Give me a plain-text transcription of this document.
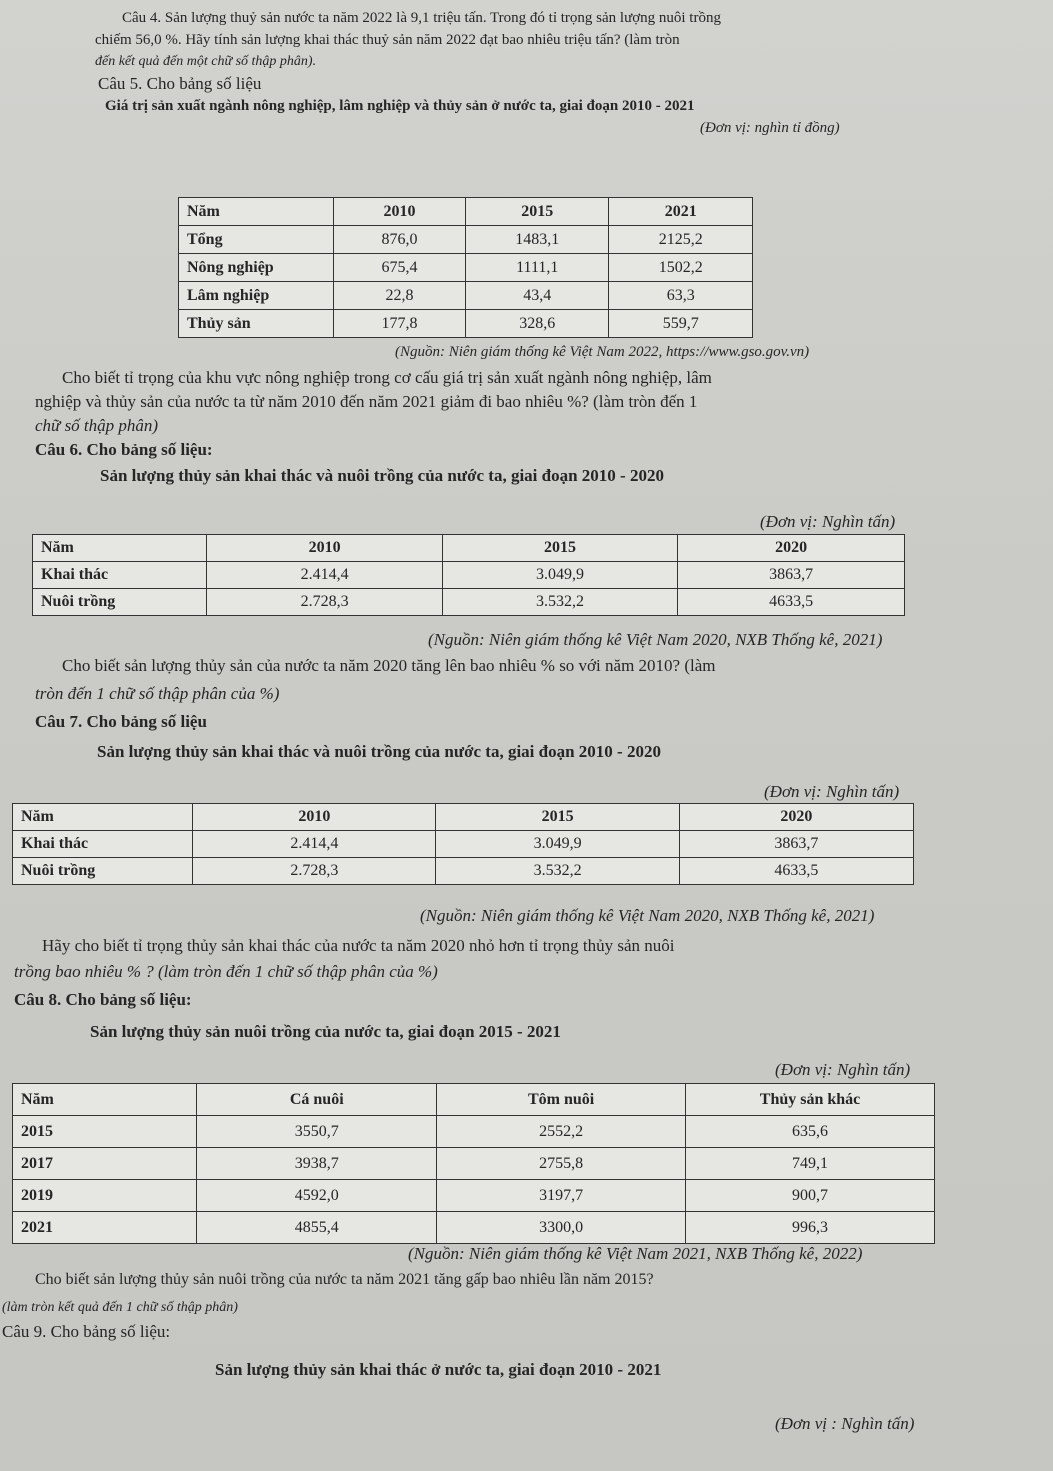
Câu 4. Sản lượng thuỷ sản nước ta năm 2022 là 9,1 triệu tấn. Trong đó tỉ trọng sản lượng nuôi trồng
chiếm 56,0 %. Hãy tính sản lượng khai thác thuỷ sản năm 2022 đạt bao nhiêu triệu tấn? (làm tròn
đến kết quả đến một chữ số thập phân).
Câu 5. Cho bảng số liệu
Giá trị sản xuất ngành nông nghiệp, lâm nghiệp và thủy sản ở nước ta, giai đoạn 2010 - 2021
(Đơn vị: nghìn tỉ đồng)
Năm	2010	2015	2021
Tổng	876,0	1483,1	2125,2
Nông nghiệp	675,4	1111,1	1502,2
Lâm nghiệp	22,8	43,4	63,3
Thủy sản	177,8	328,6	559,7
(Nguồn: Niên giám thống kê Việt Nam 2022, https://www.gso.gov.vn)
Cho biết tỉ trọng của khu vực nông nghiệp trong cơ cấu giá trị sản xuất ngành nông nghiệp, lâm
nghiệp và thủy sản của nước ta từ năm 2010 đến năm 2021 giảm đi bao nhiêu %? (làm tròn đến 1
chữ số thập phân)
Câu 6. Cho bảng số liệu:
Sản lượng thủy sản khai thác và nuôi trồng của nước ta, giai đoạn 2010 - 2020
(Đơn vị: Nghìn tấn)
Năm	2010	2015	2020
Khai thác	2.414,4	3.049,9	3863,7
Nuôi trồng	2.728,3	3.532,2	4633,5
(Nguồn: Niên giám thống kê Việt Nam 2020, NXB Thống kê, 2021)
Cho biết sản lượng thủy sản của nước ta năm 2020 tăng lên bao nhiêu % so với năm 2010? (làm
tròn đến 1 chữ số thập phân của %)
Câu 7. Cho bảng số liệu
Sản lượng thủy sản khai thác và nuôi trồng của nước ta, giai đoạn 2010 - 2020
(Đơn vị: Nghìn tấn)
Năm	2010	2015	2020
Khai thác	2.414,4	3.049,9	3863,7
Nuôi trồng	2.728,3	3.532,2	4633,5
(Nguồn: Niên giám thống kê Việt Nam 2020, NXB Thống kê, 2021)
Hãy cho biết tỉ trọng thủy sản khai thác của nước ta năm 2020 nhỏ hơn tỉ trọng thủy sản nuôi
trồng bao nhiêu % ? (làm tròn đến 1 chữ số thập phân của %)
Câu 8. Cho bảng số liệu:
Sản lượng thủy sản nuôi trồng của nước ta, giai đoạn 2015 - 2021
(Đơn vị: Nghìn tấn)
Năm	Cá nuôi	Tôm nuôi	Thủy sản khác
2015	3550,7	2552,2	635,6
2017	3938,7	2755,8	749,1
2019	4592,0	3197,7	900,7
2021	4855,4	3300,0	996,3
(Nguồn: Niên giám thống kê Việt Nam 2021, NXB Thống kê, 2022)
Cho biết sản lượng thủy sản nuôi trồng của nước ta năm 2021 tăng gấp bao nhiêu lần năm 2015?
(làm tròn kết quả đến 1 chữ số thập phân)
Câu 9. Cho bảng số liệu:
Sản lượng thủy sản khai thác ở nước ta, giai đoạn 2010 - 2021
(Đơn vị : Nghìn tấn)
